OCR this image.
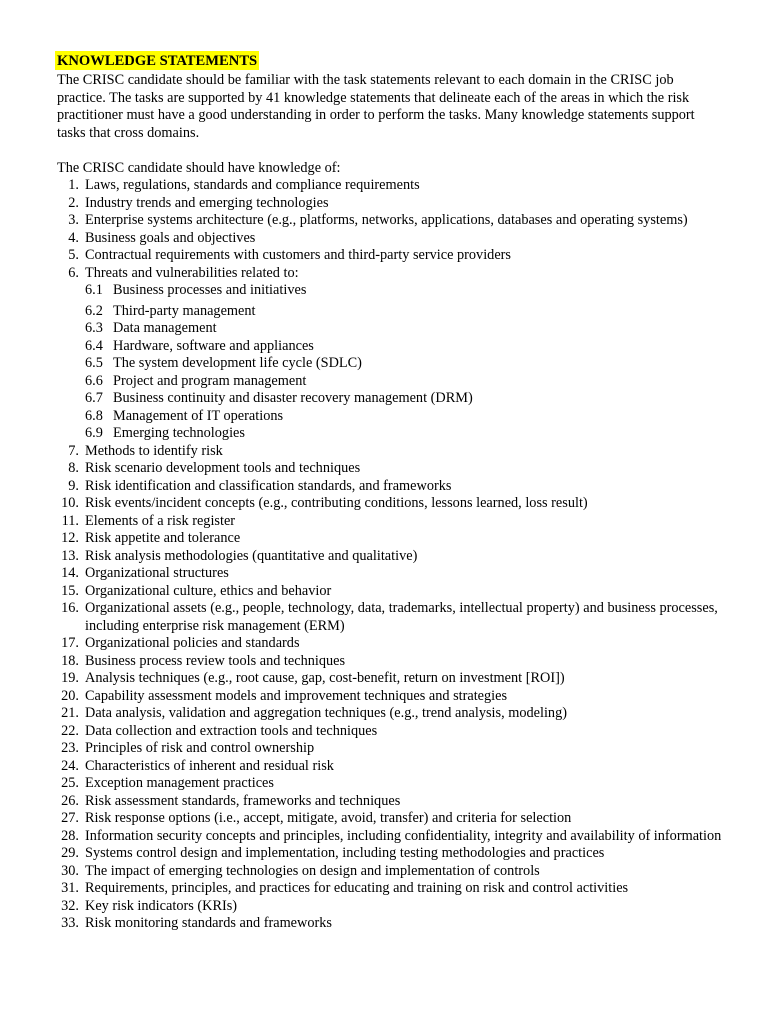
KNOWLEDGE STATEMENTS

The CRISC candidate should be familiar with the task statements relevant to each domain in the CRISC job practice. The tasks are supported by 41 knowledge statements that delineate each of the areas in which the risk practitioner must have a good understanding in order to perform the tasks. Many knowledge statements support tasks that cross domains.

The CRISC candidate should have knowledge of:

1. Laws, regulations, standards and compliance requirements
2. Industry trends and emerging technologies
3. Enterprise systems architecture (e.g., platforms, networks, applications, databases and operating systems)
4. Business goals and objectives
5. Contractual requirements with customers and third-party service providers
6. Threats and vulnerabilities related to:
6.1 Business processes and initiatives
6.2 Third-party management
6.3 Data management
6.4 Hardware, software and appliances
6.5 The system development life cycle (SDLC)
6.6 Project and program management
6.7 Business continuity and disaster recovery management (DRM)
6.8 Management of IT operations
6.9 Emerging technologies
7. Methods to identify risk
8. Risk scenario development tools and techniques
9. Risk identification and classification standards, and frameworks
10. Risk events/incident concepts (e.g., contributing conditions, lessons learned, loss result)
11. Elements of a risk register
12. Risk appetite and tolerance
13. Risk analysis methodologies (quantitative and qualitative)
14. Organizational structures
15. Organizational culture, ethics and behavior
16. Organizational assets (e.g., people, technology, data, trademarks, intellectual property) and business processes, including enterprise risk management (ERM)
17. Organizational policies and standards
18. Business process review tools and techniques
19. Analysis techniques (e.g., root cause, gap, cost-benefit, return on investment [ROI])
20. Capability assessment models and improvement techniques and strategies
21. Data analysis, validation and aggregation techniques (e.g., trend analysis, modeling)
22. Data collection and extraction tools and techniques
23. Principles of risk and control ownership
24. Characteristics of inherent and residual risk
25. Exception management practices
26. Risk assessment standards, frameworks and techniques
27. Risk response options (i.e., accept, mitigate, avoid, transfer) and criteria for selection
28. Information security concepts and principles, including confidentiality, integrity and availability of information
29. Systems control design and implementation, including testing methodologies and practices
30. The impact of emerging technologies on design and implementation of controls
31. Requirements, principles, and practices for educating and training on risk and control activities
32. Key risk indicators (KRIs)
33. Risk monitoring standards and frameworks
